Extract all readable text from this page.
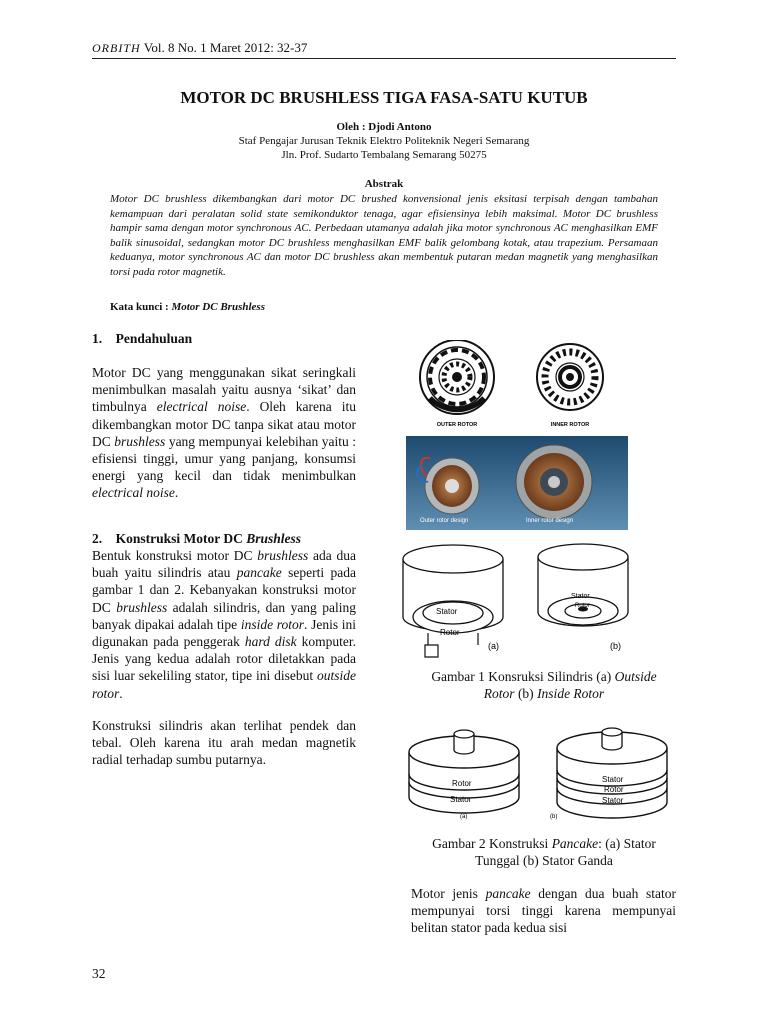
ORBITH Vol. 8 No. 1 Maret 2012: 32-37
MOTOR DC BRUSHLESS TIGA FASA-SATU KUTUB
Oleh : Djodi Antono
Staf Pengajar Jurusan Teknik Elektro Politeknik Negeri Semarang
Jln. Prof. Sudarto Tembalang Semarang 50275
Abstrak
Motor DC brushless dikembangkan dari motor DC brushed konvensional jenis eksitasi terpisah dengan tambahan kemampuan dari peralatan solid state semikonduktor tenaga, agar efisiensinya lebih maksimal. Motor DC brushless hampir sama dengan motor synchronous AC. Perbedaan utamanya adalah jika motor synchronous AC menghasilkan EMF balik sinusoidal, sedangkan motor DC brushless menghasilkan EMF balik gelombang kotak, atau trapezium. Persamaan keduanya, motor synchronous AC dan motor DC brushless akan membentuk putaran medan magnetik yang menghasilkan torsi pada rotor magnetik.
Kata kunci : Motor DC Brushless
1.    Pendahuluan
Motor DC yang menggunakan sikat seringkali menimbulkan masalah yaitu ausnya ‘sikat’ dan timbulnya electrical noise. Oleh karena itu dikembangkan motor DC tanpa sikat atau motor DC brushless yang mempunyai kelebihan yaitu : efisiensi tinggi, umur yang panjang, konsumsi energi yang kecil dan tidak menimbulkan electrical noise.
2.    Konstruksi Motor DC Brushless
Bentuk konstruksi motor DC brushless ada dua buah yaitu silindris atau pancake seperti pada gambar 1 dan 2. Kebanyakan konstruksi motor DC brushless adalah silindris, dan yang paling banyak dipakai adalah tipe inside rotor. Jenis ini digunakan pada penggerak hard disk komputer. Jenis yang kedua adalah rotor diletakkan pada sisi luar sekeliling stator, tipe ini disebut outside rotor.
Konstruksi silindris akan terlihat pendek dan tebal. Oleh karena itu arah medan magnetik radial terhadap sumbu putarnya.
OUTER ROTOR	INNER ROTOR
Outer rotor design	Inner rotor design
Stator
Rotor
(a)
Stator
Rotor
(b)
Gambar 1 Konsruksi Silindris (a) Outside
Rotor (b) Inside Rotor
Rotor
Stator
(a)
Stator
Rotor
Stator
(b)
Gambar 2 Konstruksi Pancake: (a) Stator
Tunggal (b) Stator Ganda
Motor jenis pancake dengan dua buah stator mempunyai torsi tinggi karena mempunyai belitan stator pada kedua sisi
32
